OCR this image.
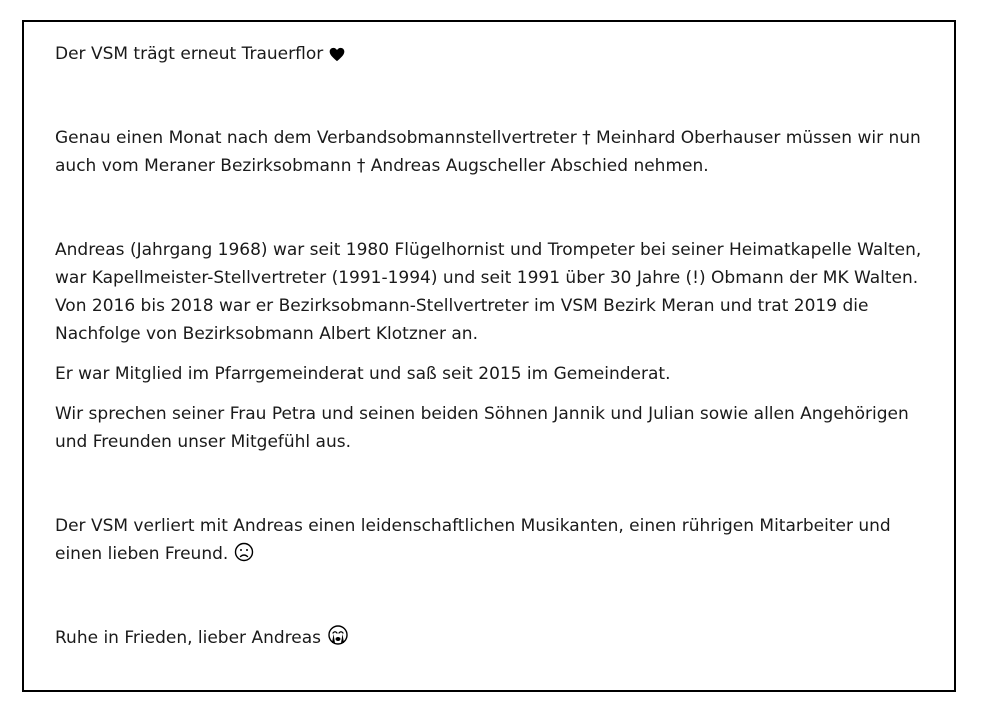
Der VSM trägt erneut Trauerflor

Genau einen Monat nach dem Verbandsobmannstellvertreter † Meinhard Oberhauser müssen wir nun auch vom Meraner Bezirksobmann † Andreas Augscheller Abschied nehmen.

Andreas (Jahrgang 1968) war seit 1980 Flügelhornist und Trompeter bei seiner Heimatkapelle Walten, war Kapellmeister-Stellvertreter (1991-1994) und seit 1991 über 30 Jahre (!) Obmann der MK Walten. Von 2016 bis 2018 war er Bezirksobmann-Stellvertreter im VSM Bezirk Meran und trat 2019 die Nachfolge von Bezirksobmann Albert Klotzner an.

Er war Mitglied im Pfarrgemeinderat und saß seit 2015 im Gemeinderat.

Wir sprechen seiner Frau Petra und seinen beiden Söhnen Jannik und Julian sowie allen Angehörigen und Freunden unser Mitgefühl aus.

Der VSM verliert mit Andreas einen leidenschaftlichen Musikanten, einen rührigen Mitarbeiter und einen lieben Freund.

Ruhe in Frieden, lieber Andreas
